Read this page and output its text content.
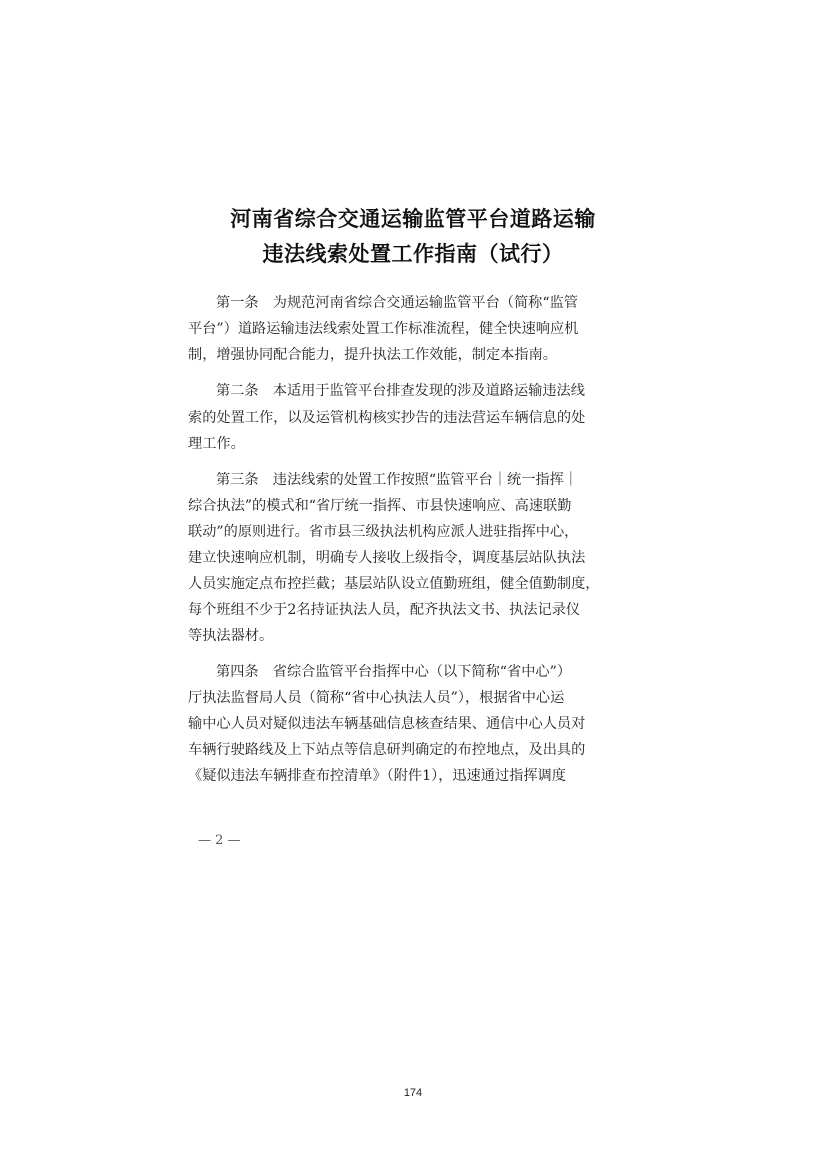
河南省综合交通运输监管平台道路运输
违法线索处置工作指南（试行）
第一条　为规范河南省综合交通运输监管平台（简称“监管
平台”）道路运输违法线索处置工作标准流程，健全快速响应机
制，增强协同配合能力，提升执法工作效能，制定本指南。
第二条　本适用于监管平台排查发现的涉及道路运输违法线
索的处置工作，以及运管机构核实抄告的违法营运车辆信息的处
理工作。
第三条　违法线索的处置工作按照“监管平台｜统一指挥｜
综合执法”的模式和“省厅统一指挥、市县快速响应、高速联勤
联动”的原则进行。省市县三级执法机构应派人进驻指挥中心，
建立快速响应机制，明确专人接收上级指令，调度基层站队执法
人员实施定点布控拦截；基层站队设立值勤班组，健全值勤制度，
每个班组不少于2名持证执法人员，配齐执法文书、执法记录仪
等执法器材。
第四条　省综合监管平台指挥中心（以下简称“省中心”）
厅执法监督局人员（简称“省中心执法人员”），根据省中心运
输中心人员对疑似违法车辆基础信息核查结果、通信中心人员对
车辆行驶路线及上下站点等信息研判确定的布控地点，及出具的
《疑似违法车辆排查布控清单》（附件1），迅速通过指挥调度
— 2 —
174
